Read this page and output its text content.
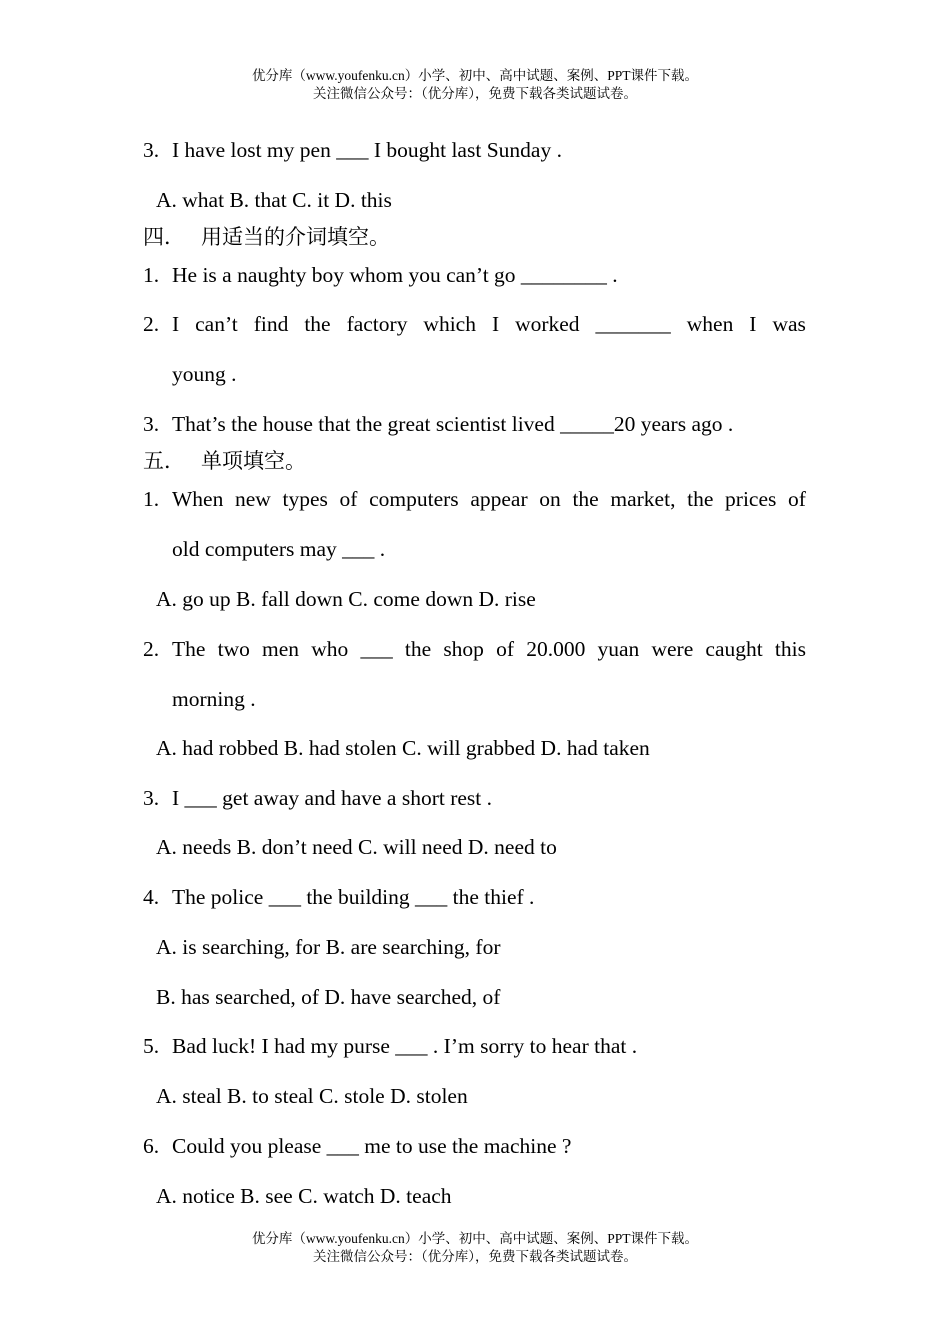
优分库（www.youfenku.cn）小学、初中、高中试题、案例、PPT课件下载。
关注微信公众号：（优分库），免费下载各类试题试卷。
3. I have lost my pen ___ I bought last Sunday .
A. what B. that C. it D. this
四． 用适当的介词填空。
1. He is a naughty boy whom you can’t go ________ .
2. I can’t find the factory which I worked _______ when I was
young .
3. That’s the house that the great scientist lived _____20 years ago .
五． 单项填空。
1. When new types of computers appear on the market, the prices of
old computers may ___ .
A. go up B. fall down C. come down D. rise
2. The two men who ___ the shop of 20.000 yuan were caught this
morning .
A. had robbed B. had stolen C. will grabbed D. had taken
3. I ___ get away and have a short rest .
A. needs B. don’t need C. will need D. need to
4. The police ___ the building ___ the thief .
A. is searching, for B. are searching, for
B. has searched, of D. have searched, of
5. Bad luck! I had my purse ___ . I’m sorry to hear that .
A. steal B. to steal C. stole D. stolen
6. Could you please ___ me to use the machine ?
A. notice B. see C. watch D. teach
优分库（www.youfenku.cn）小学、初中、高中试题、案例、PPT课件下载。
关注微信公众号：（优分库），免费下载各类试题试卷。
